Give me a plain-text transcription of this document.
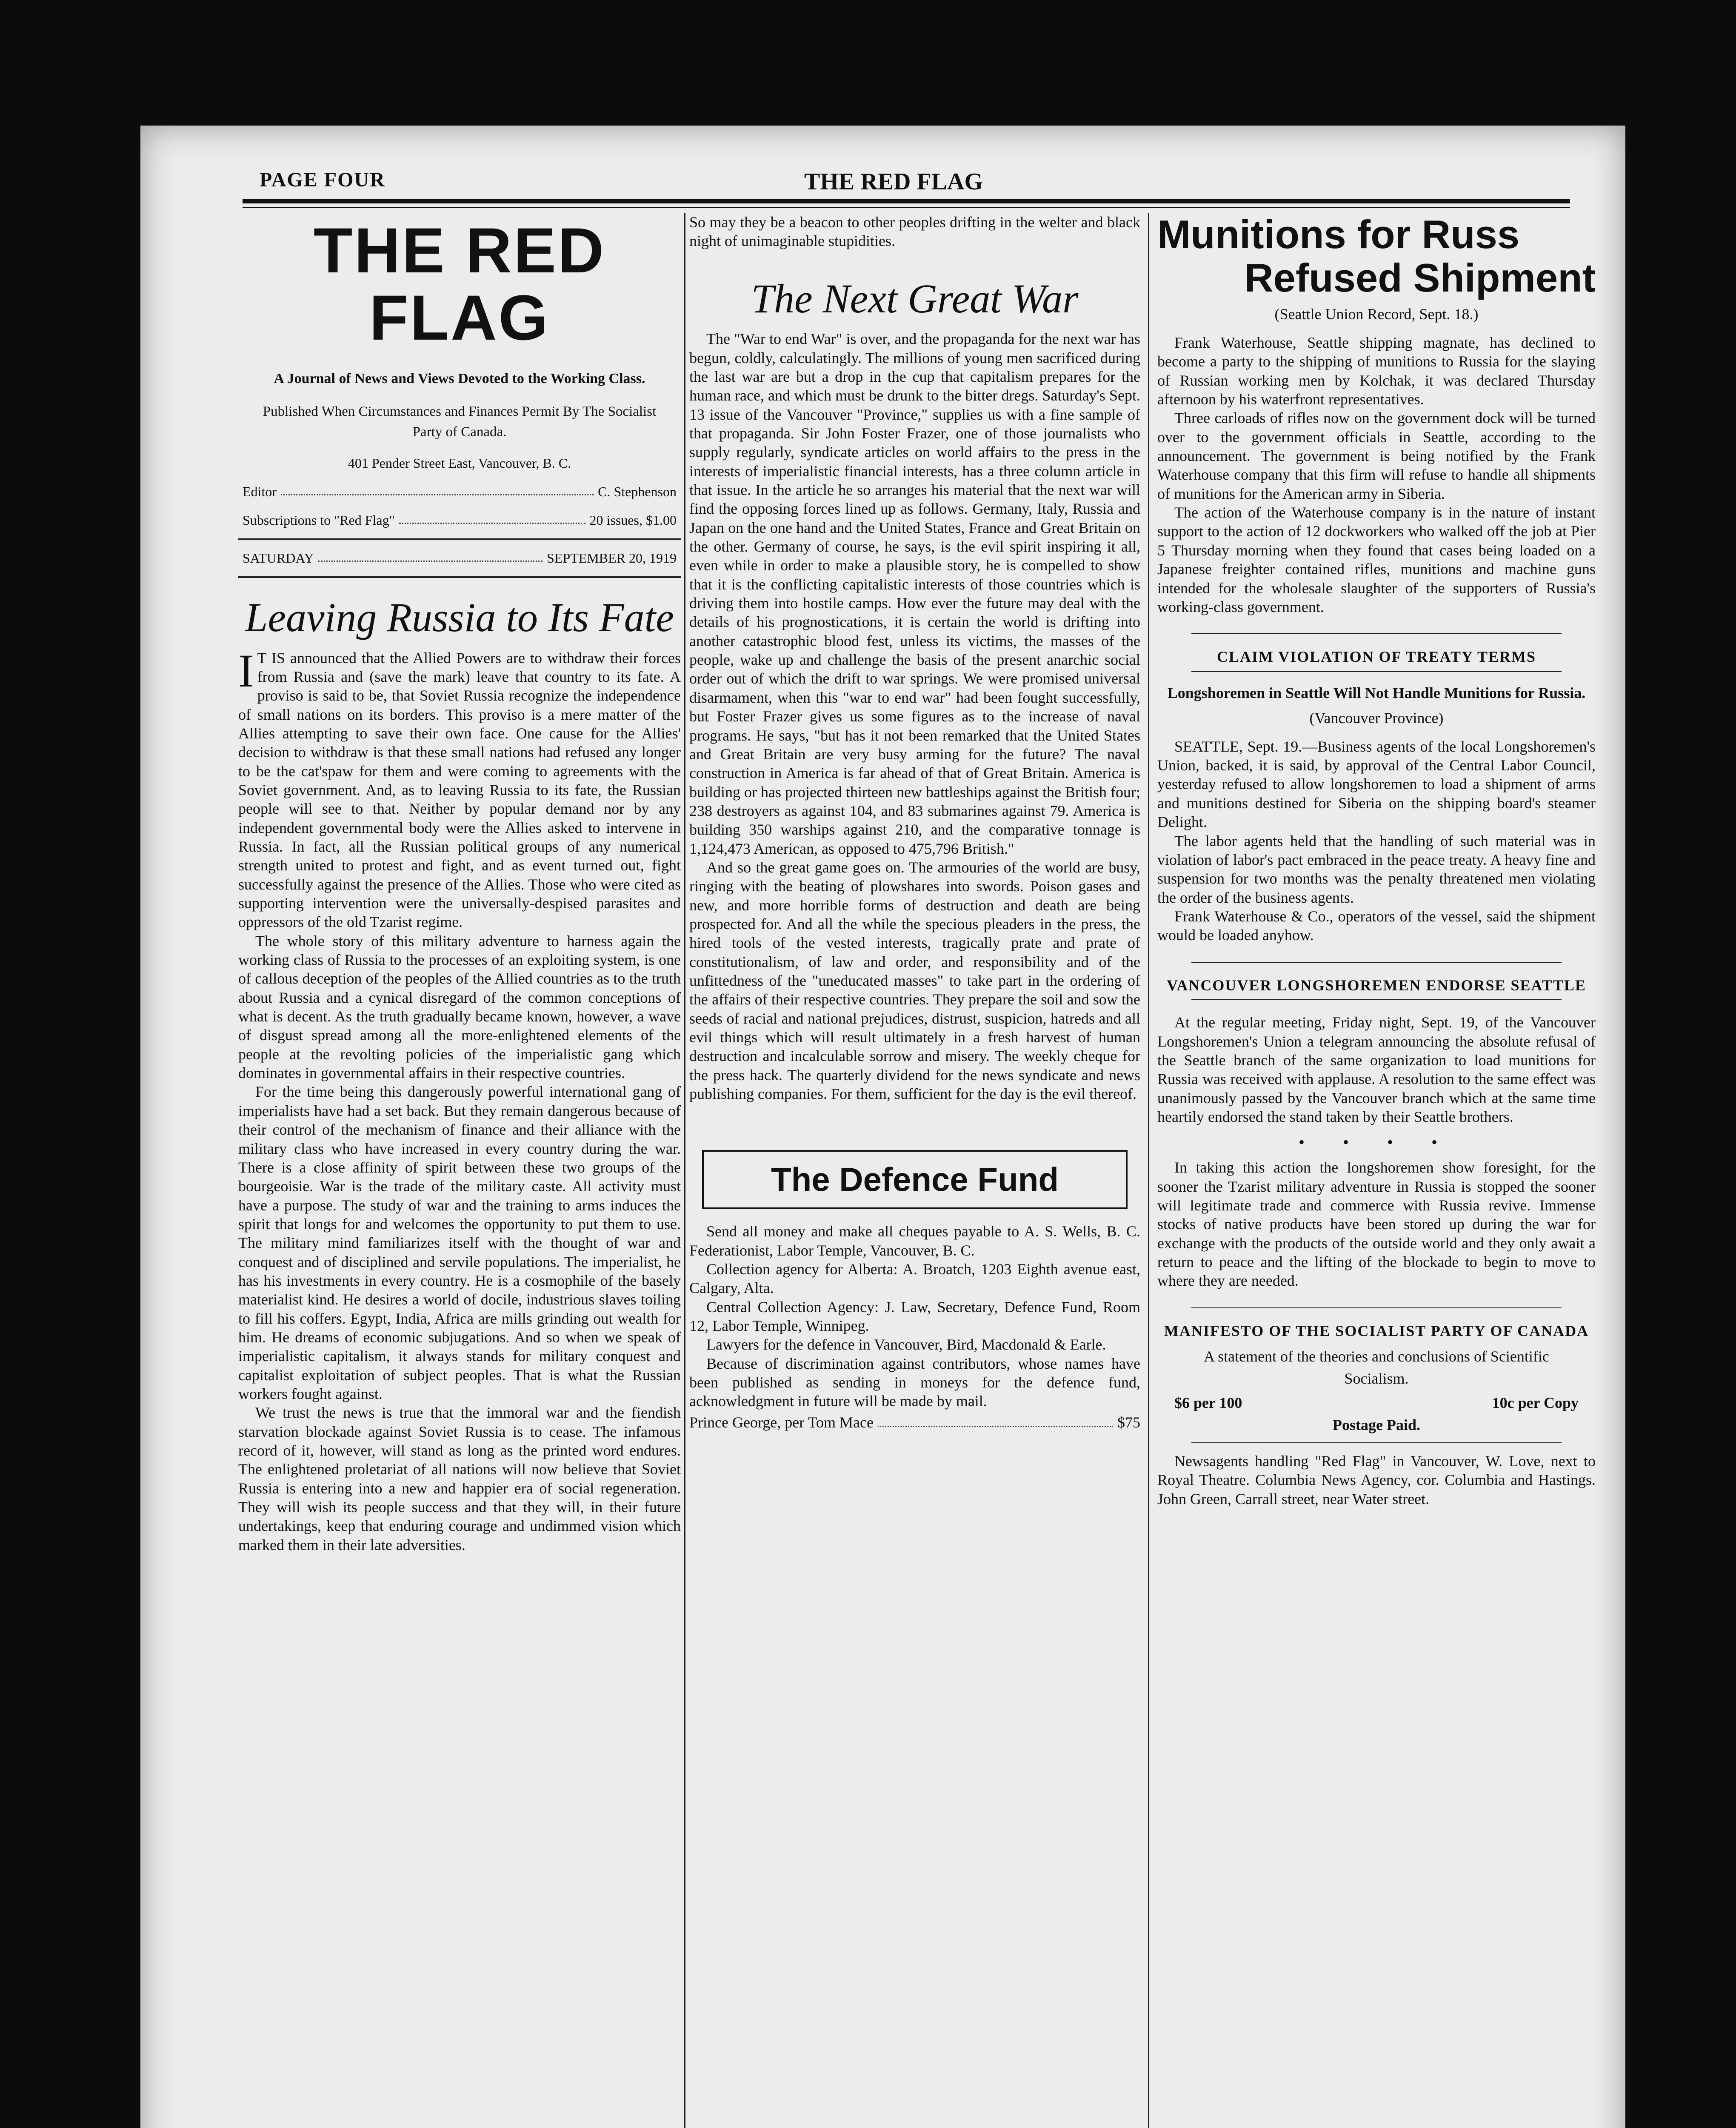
PAGE FOUR	THE RED FLAG
THE RED FLAG
A Journal of News and Views Devoted to the Working Class.
Published When Circumstances and Finances Permit By The Socialist Party of Canada.
401 Pender Street East, Vancouver, B. C.
Editor	C. Stephenson
Subscriptions to "Red Flag"	20 issues, $1.00
SATURDAY	SEPTEMBER 20, 1919
Leaving Russia to Its Fate

IT IS announced that the Allied Powers are to withdraw their forces from Russia and (save the mark) leave that country to its fate. A proviso is said to be, that Soviet Russia recognize the independence of small nations on its borders. This proviso is a mere matter of the Allies attempting to save their own face. One cause for the Allies' decision to withdraw is that these small nations had refused any longer to be the cat'spaw for them and were coming to agreements with the Soviet government. And, as to leaving Russia to its fate, the Russian people will see to that. Neither by popular demand nor by any independent governmental body were the Allies asked to intervene in Russia. In fact, all the Russian political groups of any numerical strength united to protest and fight, and as event turned out, fight successfully against the presence of the Allies. Those who were cited as supporting intervention were the universally-despised parasites and oppressors of the old Tzarist regime.

The whole story of this military adventure to harness again the working class of Russia to the processes of an exploiting system, is one of callous deception of the peoples of the Allied countries as to the truth about Russia and a cynical disregard of the common conceptions of what is decent. As the truth gradually became known, however, a wave of disgust spread among all the more-enlightened elements of the people at the revolting policies of the imperialistic gang which dominates in governmental affairs in their respective countries.

For the time being this dangerously powerful international gang of imperialists have had a set back. But they remain dangerous because of their control of the mechanism of finance and their alliance with the military class who have increased in every country during the war. There is a close affinity of spirit between these two groups of the bourgeoisie. War is the trade of the military caste. All activity must have a purpose. The study of war and the training to arms induces the spirit that longs for and welcomes the opportunity to put them to use. The military mind familiarizes itself with the thought of war and conquest and of disciplined and servile populations. The imperialist, he has his investments in every country. He is a cosmophile of the basely materialist kind. He desires a world of docile, industrious slaves toiling to fill his coffers. Egypt, India, Africa are mills grinding out wealth for him. He dreams of economic subjugations. And so when we speak of imperialistic capitalism, it always stands for military conquest and capitalist exploitation of subject peoples. That is what the Russian workers fought against.

We trust the news is true that the immoral war and the fiendish starvation blockade against Soviet Russia is to cease. The infamous record of it, however, will stand as long as the printed word endures. The enlightened proletariat of all nations will now believe that Soviet Russia is entering into a new and happier era of social regeneration. They will wish its people success and that they will, in their future undertakings, keep that enduring courage and undimmed vision which marked them in their late adversities.

So may they be a beacon to other peoples drifting in the welter and black night of unimaginable stupidities.

The Next Great War

The "War to end War" is over, and the propaganda for the next war has begun, coldly, calculatingly. The millions of young men sacrificed during the last war are but a drop in the cup that capitalism prepares for the human race, and which must be drunk to the bitter dregs. Saturday's Sept. 13 issue of the Vancouver "Province," supplies us with a fine sample of that propaganda. Sir John Foster Frazer, one of those journalists who supply regularly, syndicate articles on world affairs to the press in the interests of imperialistic financial interests, has a three column article in that issue. In the article he so arranges his material that the next war will find the opposing forces lined up as follows. Germany, Italy, Russia and Japan on the one hand and the United States, France and Great Britain on the other. Germany of course, he says, is the evil spirit inspiring it all, even while in order to make a plausible story, he is compelled to show that it is the conflicting capitalistic interests of those countries which is driving them into hostile camps. How ever the future may deal with the details of his prognostications, it is certain the world is drifting into another catastrophic blood fest, unless its victims, the masses of the people, wake up and challenge the basis of the present anarchic social order out of which the drift to war springs. We were promised universal disarmament, when this "war to end war" had been fought successfully, but Foster Frazer gives us some figures as to the increase of naval programs. He says, "but has it not been remarked that the United States and Great Britain are very busy arming for the future? The naval construction in America is far ahead of that of Great Britain. America is building or has projected thirteen new battleships against the British four; 238 destroyers as against 104, and 83 submarines against 79. America is building 350 warships against 210, and the comparative tonnage is 1,124,473 American, as opposed to 475,796 British."

And so the great game goes on. The armouries of the world are busy, ringing with the beating of plowshares into swords. Poison gases and new, and more horrible forms of destruction and death are being prospected for. And all the while the specious pleaders in the press, the hired tools of the vested interests, tragically prate and prate of constitutionalism, of law and order, and responsibility and of the unfittedness of the "uneducated masses" to take part in the ordering of the affairs of their respective countries. They prepare the soil and sow the seeds of racial and national prejudices, distrust, suspicion, hatreds and all evil things which will result ultimately in a fresh harvest of human destruction and incalculable sorrow and misery. The weekly cheque for the press hack. The quarterly dividend for the news syndicate and news publishing companies. For them, sufficient for the day is the evil thereof.

The Defence Fund

Send all money and make all cheques payable to A. S. Wells, B. C. Federationist, Labor Temple, Vancouver, B. C.

Collection agency for Alberta: A. Broatch, 1203 Eighth avenue east, Calgary, Alta.

Central Collection Agency: J. Law, Secretary, Defence Fund, Room 12, Labor Temple, Winnipeg.

Lawyers for the defence in Vancouver, Bird, Macdonald & Earle.

Because of discrimination against contributors, whose names have been published as sending in moneys for the defence fund, acknowledgment in future will be made by mail.

Prince George, per Tom Mace	$75
Munitions for Russ
Refused Shipment
(Seattle Union Record, Sept. 18.)

Frank Waterhouse, Seattle shipping magnate, has declined to become a party to the shipping of munitions to Russia for the slaying of Russian working men by Kolchak, it was declared Thursday afternoon by his waterfront representatives.

Three carloads of rifles now on the government dock will be turned over to the government officials in Seattle, according to the announcement. The government is being notified by the Frank Waterhouse company that this firm will refuse to handle all shipments of munitions for the American army in Siberia.

The action of the Waterhouse company is in the nature of instant support to the action of 12 dockworkers who walked off the job at Pier 5 Thursday morning when they found that cases being loaded on a Japanese freighter contained rifles, munitions and machine guns intended for the wholesale slaughter of the supporters of Russia's working-class government.

CLAIM VIOLATION OF TREATY TERMS
Longshoremen in Seattle Will Not Handle Munitions for Russia.
(Vancouver Province)

SEATTLE, Sept. 19.—Business agents of the local Longshoremen's Union, backed, it is said, by approval of the Central Labor Council, yesterday refused to allow longshoremen to load a shipment of arms and munitions destined for Siberia on the shipping board's steamer Delight.

The labor agents held that the handling of such material was in violation of labor's pact embraced in the peace treaty. A heavy fine and suspension for two months was the penalty threatened men violating the order of the business agents.

Frank Waterhouse & Co., operators of the vessel, said the shipment would be loaded anyhow.

VANCOUVER LONGSHOREMEN ENDORSE SEATTLE

At the regular meeting, Friday night, Sept. 19, of the Vancouver Longshoremen's Union a telegram announcing the absolute refusal of the Seattle branch of the same organization to load munitions for Russia was received with applause. A resolution to the same effect was unanimously passed by the Vancouver branch which at the same time heartily endorsed the stand taken by their Seattle brothers.

• • • •

In taking this action the longshoremen show foresight, for the sooner the Tzarist military adventure in Russia is stopped the sooner will legitimate trade and commerce with Russia revive. Immense stocks of native products have been stored up during the war for exchange with the products of the outside world and they only await a return to peace and the lifting of the blockade to begin to move to where they are needed.

MANIFESTO OF THE SOCIALIST PARTY OF CANADA
A statement of the theories and conclusions of Scientific Socialism.
$6 per 100	10c per Copy
Postage Paid.

Newsagents handling "Red Flag" in Vancouver, W. Love, next to Royal Theatre. Columbia News Agency, cor. Columbia and Hastings. John Green, Carrall street, near Water street.
